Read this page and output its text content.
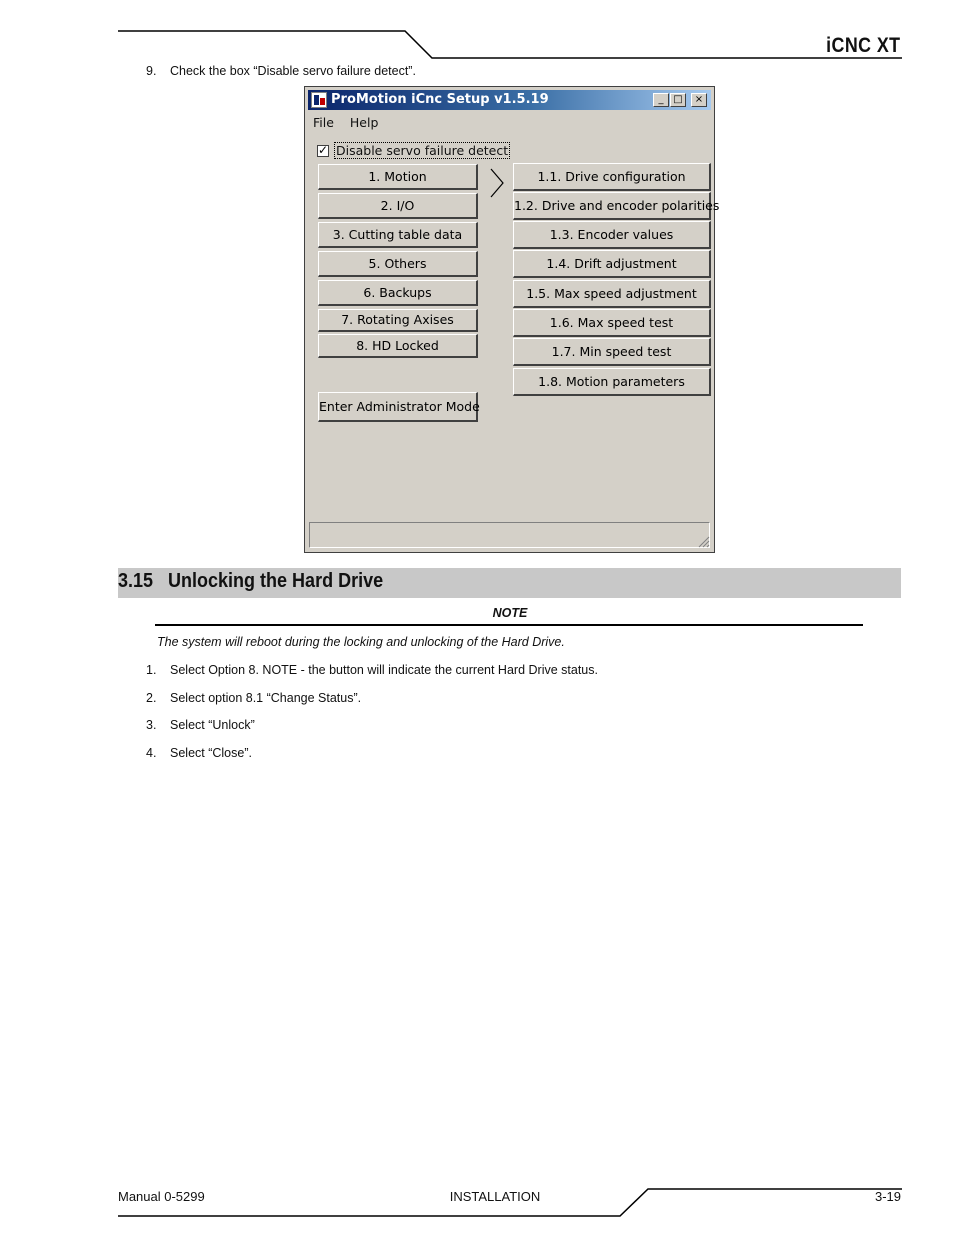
iCNC XT
9.	Check the box “Disable servo failure detect”.
ProMotion iCnc Setup v1.5.19	_ □	×
File Help
✓Disable servo failure detect
1. Motion
2. I/O
3. Cutting table data
5. Others
6. Backups
7. Rotating Axises
8. HD Locked
Enter Administrator Mode
1.1. Drive configuration
1.2. Drive and encoder polarities
1.3. Encoder values
1.4. Drift adjustment
1.5. Max speed adjustment
1.6. Max speed test
1.7. Min speed test
1.8. Motion parameters
3.15 Unlocking the Hard Drive
NOTE
The system will reboot during the locking and unlocking of the Hard Drive.
1.	Select Option 8. NOTE - the button will indicate the current Hard Drive status.
2.	Select option 8.1 “Change Status”.
3.	Select “Unlock”
4.	Select “Close”.
Manual 0-5299	INSTALLATION	3-19
